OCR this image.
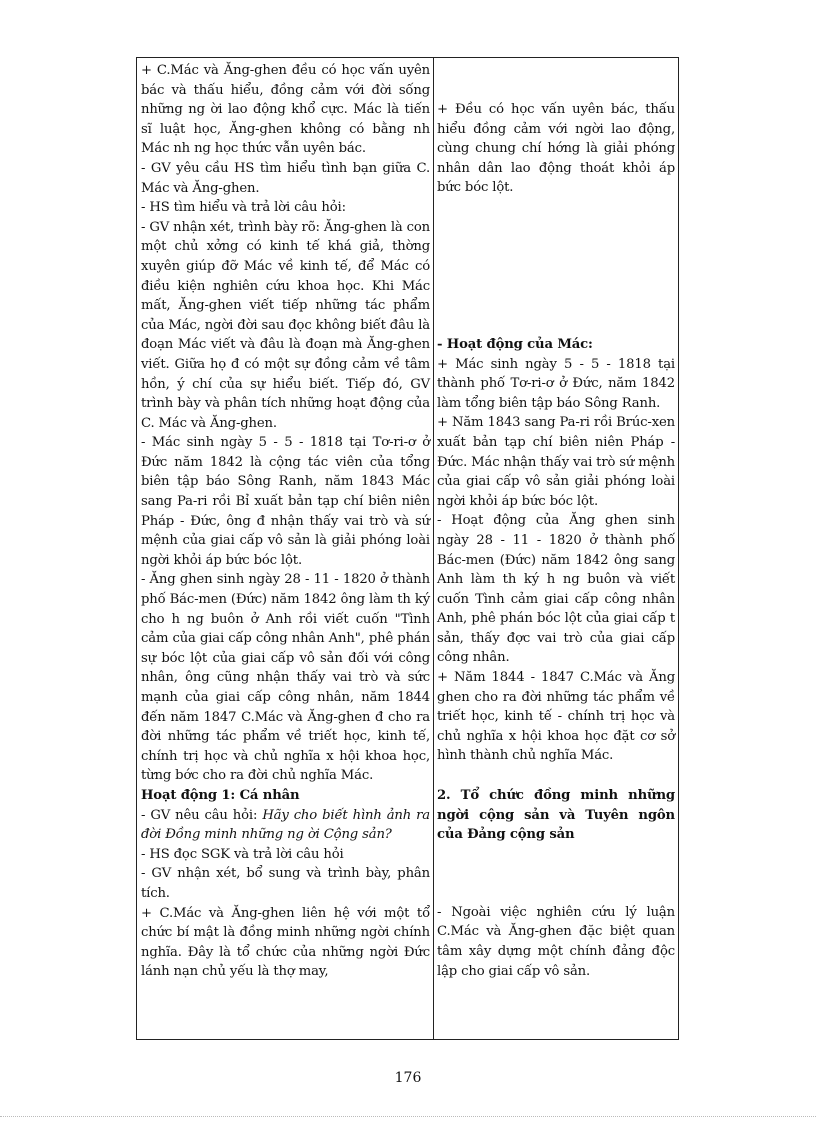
+ C.Mác và Ăng-ghen đều có học vấn uyên bác và thấu hiểu, đồng cảm với đời sống những ng ời lao động khổ cực. Mác là tiến sĩ luật học, Ăng-ghen không có bằng nh Mác nh ng học thức vẫn uyên bác.

- GV yêu cầu HS tìm hiểu tình bạn giữa C. Mác và Ăng-ghen.

- HS tìm hiểu và trả lời câu hỏi:

- GV nhận xét, trình bày rõ: Ăng-ghen là con một chủ xởng có kinh tế khá giả, thờng xuyên giúp đỡ Mác về kinh tế, để Mác có điều kiện nghiên cứu khoa học. Khi Mác mất, Ăng-ghen viết tiếp những tác phẩm của Mác, ngời đời sau đọc không biết đâu là đoạn Mác viết và đâu là đoạn mà Ăng-ghen viết. Giữa họ đ có một sự đồng cảm về tâm hồn, ý chí của sự hiểu biết. Tiếp đó, GV trình bày và phân tích những hoạt động của C. Mác và Ăng-ghen.

- Mác sinh ngày 5 - 5 - 1818 tại Tơ-ri-ơ ở Đức năm 1842 là cộng tác viên của tổng biên tập báo Sông Ranh, năm 1843 Mác sang Pa-ri rồi Bỉ xuất bản tạp chí biên niên Pháp - Đức, ông đ nhận thấy vai trò và sứ mệnh của giai cấp vô sản là giải phóng loài ngời khỏi áp bức bóc lột.

- Ăng ghen sinh ngày 28 - 11 - 1820 ở thành phố Bác-men (Đức) năm 1842 ông làm th ký cho h ng buôn ở Anh rồi viết cuốn "Tình cảm của giai cấp công nhân Anh", phê phán sự bóc lột của giai cấp vô sản đối với công nhân, ông cũng nhận thấy vai trò và sức mạnh của giai cấp công nhân, năm 1844 đến năm 1847 C.Mác và Ăng-ghen đ cho ra đời những tác phẩm về triết học, kinh tế, chính trị học và chủ nghĩa x hội khoa học, từng bớc cho ra đời chủ nghĩa Mác.

Hoạt động 1: Cá nhân

- GV nêu câu hỏi: Hãy cho biết hình ảnh ra đời Đồng minh những ng ời Cộng sản?

- HS đọc SGK và trả lời câu hỏi

- GV nhận xét, bổ sung và trình bày, phân tích.

+ C.Mác và Ăng-ghen liên hệ với một tổ chức bí mật là đồng minh những ngời chính nghĩa. Đây là tổ chức của những ngời Đức lánh nạn chủ yếu là thợ may,

+ Đều có học vấn uyên bác, thấu hiểu đồng cảm với ngời lao động, cùng chung chí hớng là giải phóng nhân dân lao động thoát khỏi áp bức bóc lột.

- Hoạt động của Mác:

+ Mác sinh ngày 5 - 5 - 1818 tại thành phố Tơ-ri-ơ ở Đức, năm 1842 làm tổng biên tập báo Sông Ranh.

+ Năm 1843 sang Pa-ri rồi Brúc-xen xuất bản tạp chí biên niên Pháp - Đức. Mác nhận thấy vai trò sứ mệnh của giai cấp vô sản giải phóng loài ngời khỏi áp bức bóc lột.

- Hoạt động của Ăng ghen sinh ngày 28 - 11 - 1820 ở thành phố Bác-men (Đức) năm 1842 ông sang Anh làm th ký h ng buôn và viết cuốn Tình cảm giai cấp công nhân Anh, phê phán bóc lột của giai cấp t sản, thấy đợc vai trò của giai cấp công nhân.

+ Năm 1844 - 1847 C.Mác và Ăng ghen cho ra đời những tác phẩm về triết học, kinh tế - chính trị học và chủ nghĩa x hội khoa học đặt cơ sở hình thành chủ nghĩa Mác.

2. Tổ chức đồng minh những ngời cộng sản và Tuyên ngôn của Đảng cộng sản

- Ngoài việc nghiên cứu lý luận C.Mác và Ăng-ghen đặc biệt quan tâm xây dựng một chính đảng độc lập cho giai cấp vô sản.

176
